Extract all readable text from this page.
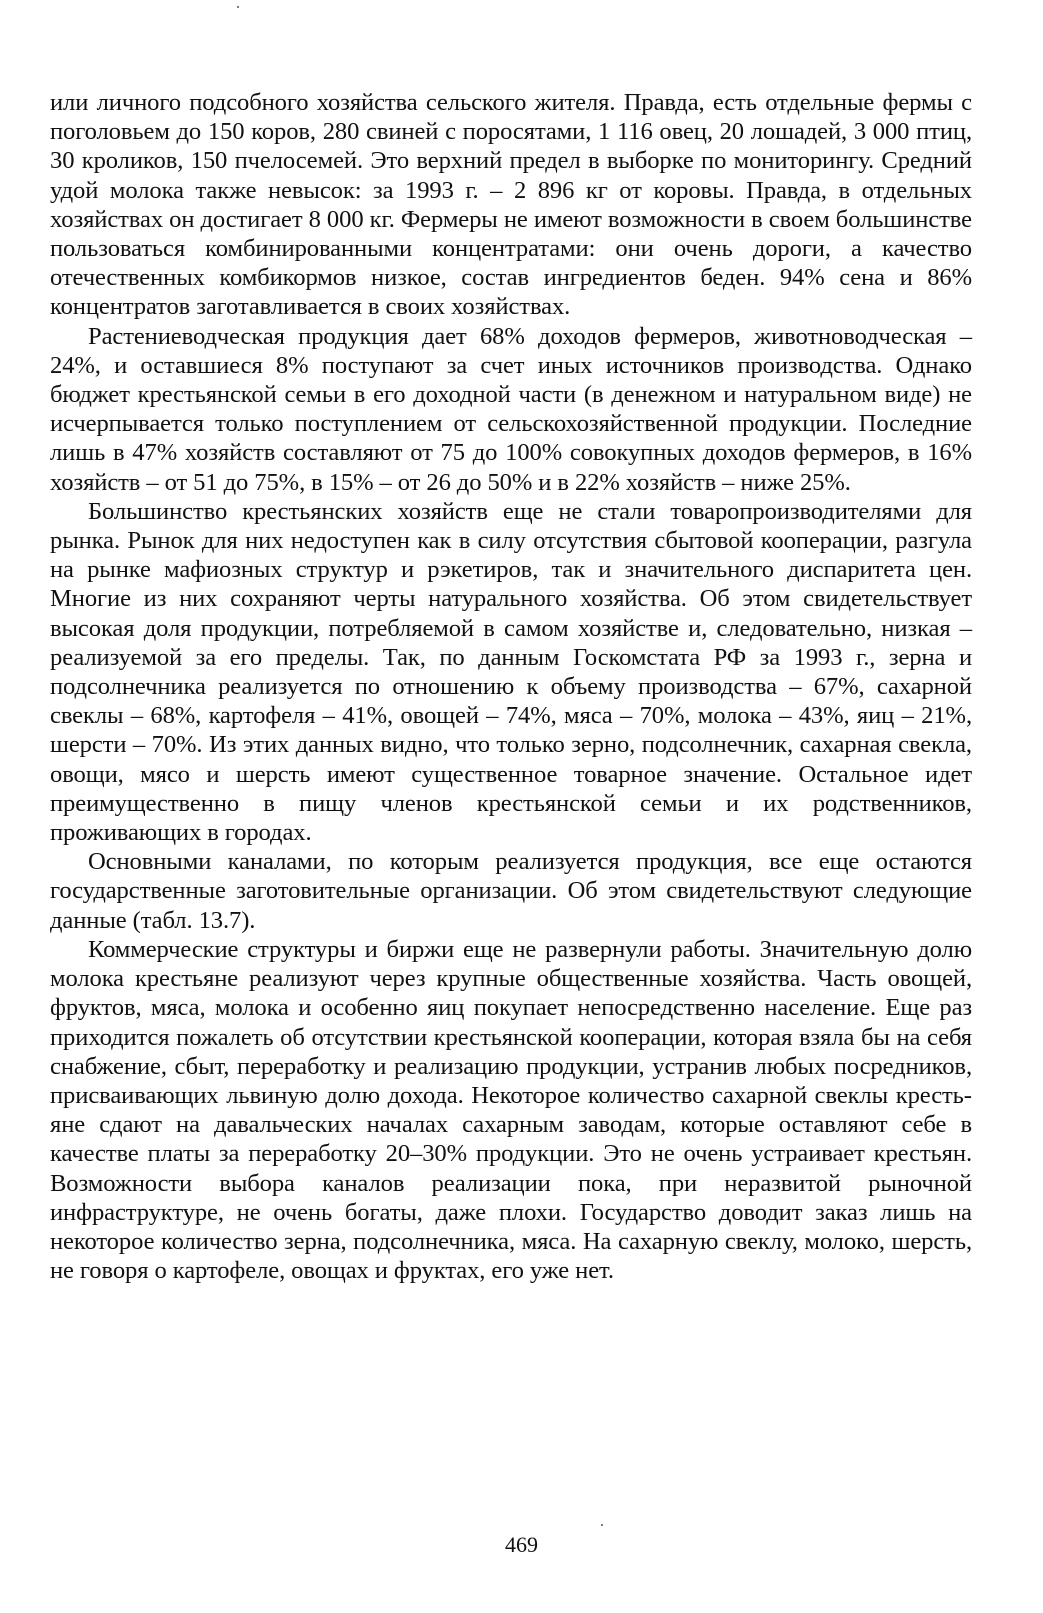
или личного подсобного хозяйства сельского жителя. Правда, есть отдельные фермы с поголовьем до 150 коров, 280 свиней с поросятами, 1 116 овец, 20 лошадей, 3 000 птиц, 30 кроликов, 150 пчелосемей. Это верхний предел в выборке по мониторингу. Средний удой молока также невысок: за 1993 г. – 2 896 кг от коровы. Правда, в отдельных хозяйствах он достигает 8 000 кг. Фермеры не имеют возможности в своем большинстве пользоваться комбинированными концентратами: они очень дороги, а качество отечественных комбикормов низкое, состав ингредиентов беден. 94% сена и 86% концентратов заготавливается в своих хозяйствах.

Растениеводческая продукция дает 68% доходов фермеров, животноводческая – 24%, и оставшиеся 8% поступают за счет иных источников производства. Однако бюджет крестьянской семьи в его доходной части (в денежном и натуральном виде) не исчерпывается только поступлением от сельскохозяйственной продукции. Последние лишь в 47% хозяйств составляют от 75 до 100% совокупных доходов фермеров, в 16% хозяйств – от 51 до 75%, в 15% – от 26 до 50% и в 22% хозяйств – ниже 25%.

Большинство крестьянских хозяйств еще не стали товаропроизводителями для рынка. Рынок для них недоступен как в силу отсутствия сбытовой кооперации, разгула на рынке мафиозных структур и рэкетиров, так и значительного диспаритета цен. Многие из них сохраняют черты натурального хозяйства. Об этом свидетельствует высокая доля продукции, потребляемой в самом хозяйстве и, следовательно, низкая – реализуемой за его пределы. Так, по данным Госкомстата РФ за 1993 г., зерна и подсолнечника реализуется по отношению к объему производства – 67%, сахарной свеклы – 68%, картофеля – 41%, овощей – 74%, мяса – 70%, молока – 43%, яиц – 21%, шерсти – 70%. Из этих данных видно, что только зерно, подсолнечник, сахарная свекла, овощи, мясо и шерсть имеют существенное товарное значение. Остальное идет преимущественно в пищу членов крестьянской семьи и их родственников, проживающих в городах.

Основными каналами, по которым реализуется продукция, все еще остаются государственные заготовительные организации. Об этом свидетельствуют следующие данные (табл. 13.7).

Коммерческие структуры и биржи еще не развернули работы. Значительную долю молока крестьяне реализуют через крупные общественные хозяйства. Часть овощей, фруктов, мяса, молока и особенно яиц покупает непосредственно население. Еще раз приходится пожалеть об отсутствии крестьянской кооперации, которая взяла бы на себя снабжение, сбыт, переработку и реализацию продукции, устранив любых посредников, присваивающих львиную долю дохода. Некоторое количество сахарной свеклы крестьяне сдают на давальческих началах сахарным заводам, которые оставляют себе в качестве платы за переработку 20–30% продукции. Это не очень устраивает крестьян. Возможности выбора каналов реализации пока, при неразвитой рыночной инфраструктуре, не очень богаты, даже плохи. Государство доводит заказ лишь на некоторое количество зерна, подсолнечника, мяса. На сахарную свеклу, молоко, шерсть, не говоря о картофеле, овощах и фруктах, его уже нет.

469
